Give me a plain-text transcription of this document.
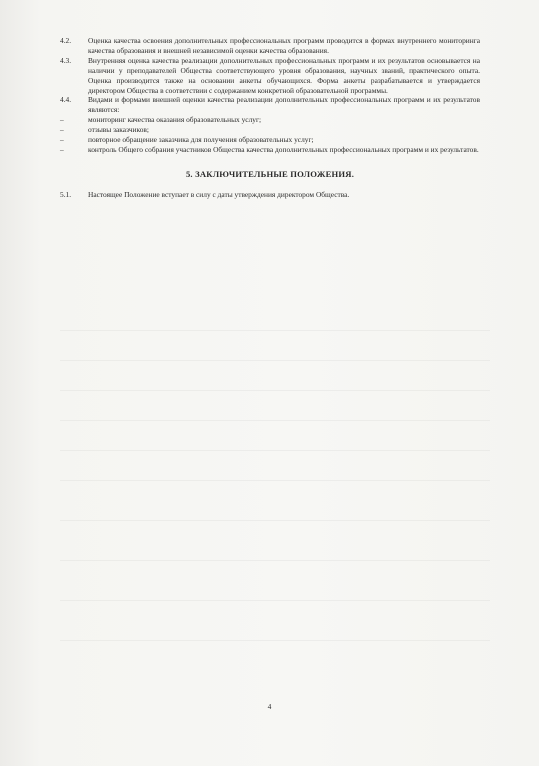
4.2.	Оценка качества освоения дополнительных профессиональных программ проводится в формах внутреннего мониторинга качества образования и внешней независимой оценки качества образования.
4.3.	Внутренняя оценка качества реализации дополнительных профессиональных программ и их результатов основывается на наличии у преподавателей Общества соответствующего уровня образования, научных званий, практического опыта. Оценка производится также на основании анкеты обучающихся. Форма анкеты разрабатывается и утверждается директором Общества в соответствии с содержанием конкретной образовательной программы.
4.4.	Видами и формами внешней оценки качества реализации дополнительных профессиональных программ и их результатов являются:
–	мониторинг качества оказания образовательных услуг;
–	отзывы заказчиков;
–	повторное обращение заказчика для получения образовательных услуг;
–	контроль Общего собрания участников Общества качества дополнительных профессиональных программ и их результатов.
5. ЗАКЛЮЧИТЕЛЬНЫЕ ПОЛОЖЕНИЯ.
5.1.	Настоящее Положение вступает в силу с даты утверждения директором Общества.
4
